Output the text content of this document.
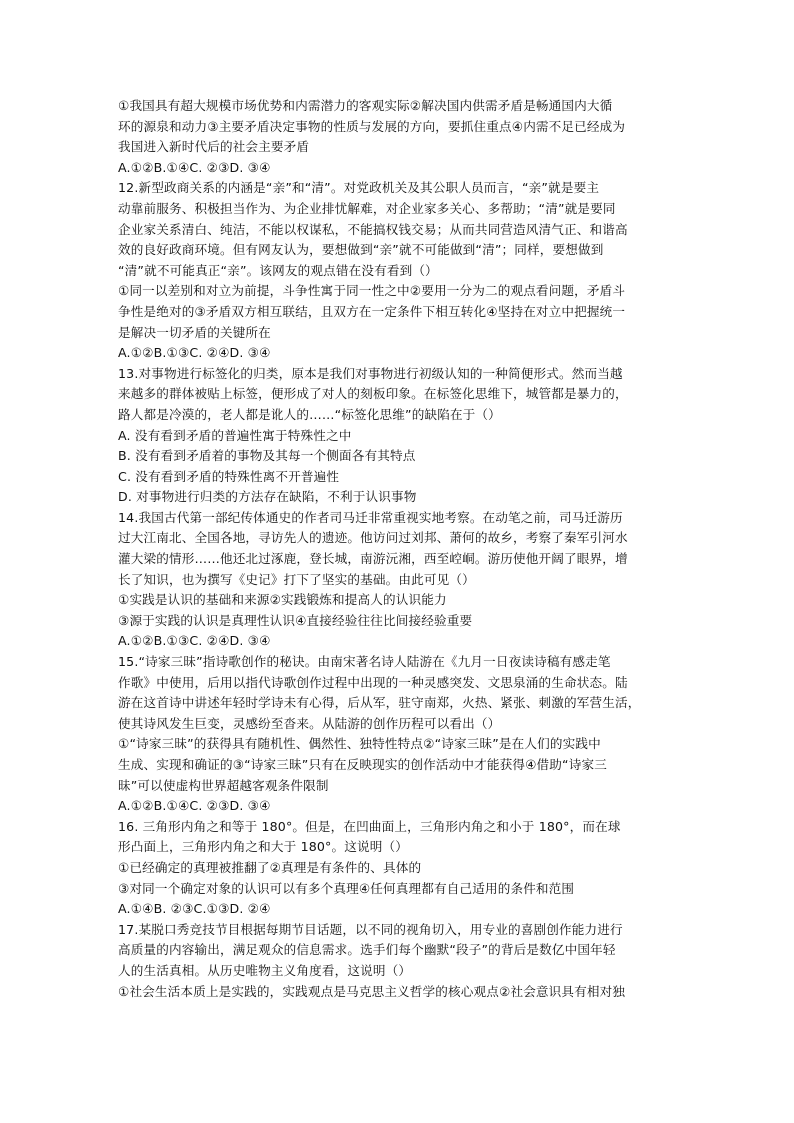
①我国具有超大规模市场优势和内需潜力的客观实际②解决国内供需矛盾是畅通国内大循
环的源泉和动力③主要矛盾决定事物的性质与发展的方向，要抓住重点④内需不足已经成为
我国进入新时代后的社会主要矛盾
A.①②B.①④C. ②③D. ③④
12.新型政商关系的内涵是“亲”和“清”。对党政机关及其公职人员而言，“亲”就是要主
动靠前服务、积极担当作为、为企业排忧解难，对企业家多关心、多帮助；“清”就是要同
企业家关系清白、纯洁，不能以权谋私，不能搞权钱交易；从而共同营造风清气正、和谐高
效的良好政商环境。但有网友认为，要想做到“亲”就不可能做到“清”；同样，要想做到
“清”就不可能真正“亲”。该网友的观点错在没有看到（）
①同一以差别和对立为前提，斗争性寓于同一性之中②要用一分为二的观点看问题，矛盾斗
争性是绝对的③矛盾双方相互联结，且双方在一定条件下相互转化④坚持在对立中把握统一
是解决一切矛盾的关键所在
A.①②B.①③C. ②④D. ③④
13.对事物进行标签化的归类，原本是我们对事物进行初级认知的一种简便形式。然而当越
来越多的群体被贴上标签，便形成了对人的刻板印象。在标签化思维下，城管都是暴力的，
路人都是冷漠的，老人都是讹人的……“标签化思维”的缺陷在于（）
A. 没有看到矛盾的普遍性寓于特殊性之中
B. 没有看到矛盾着的事物及其每一个侧面各有其特点
C. 没有看到矛盾的特殊性离不开普遍性
D. 对事物进行归类的方法存在缺陷，不利于认识事物
14.我国古代第一部纪传体通史的作者司马迁非常重视实地考察。在动笔之前，司马迁游历
过大江南北、全国各地，寻访先人的遗迹。他访问过刘邦、萧何的故乡，考察了秦军引河水
灌大梁的情形……他还北过涿鹿，登长城，南游沅湘，西至崆峒。游历使他开阔了眼界，增
长了知识，也为撰写《史记》打下了坚实的基础。由此可见（）
①实践是认识的基础和来源②实践锻炼和提高人的认识能力
③源于实践的认识是真理性认识④直接经验往往比间接经验重要
A.①②B.①③C. ②④D. ③④
15.“诗家三昧”指诗歌创作的秘诀。由南宋著名诗人陆游在《九月一日夜读诗稿有感走笔
作歌》中使用，后用以指代诗歌创作过程中出现的一种灵感突发、文思泉涌的生命状态。陆
游在这首诗中讲述年轻时学诗未有心得，后从军，驻守南郑，火热、紧张、刺激的军营生活，
使其诗风发生巨变，灵感纷至沓来。从陆游的创作历程可以看出（）
①“诗家三昧”的获得具有随机性、偶然性、独特性特点②“诗家三昧”是在人们的实践中
生成、实现和确证的③“诗家三昧”只有在反映现实的创作活动中才能获得④借助“诗家三
昧”可以使虚构世界超越客观条件限制
A.①②B.①④C. ②③D. ③④
16. 三角形内角之和等于 180°。但是，在凹曲面上，三角形内角之和小于 180°，而在球
形凸面上，三角形内角之和大于 180°。这说明（）
①已经确定的真理被推翻了②真理是有条件的、具体的
③对同一个确定对象的认识可以有多个真理④任何真理都有自己适用的条件和范围
A.①④B. ②③C.①③D. ②④
17.某脱口秀竞技节目根据每期节目话题，以不同的视角切入，用专业的喜剧创作能力进行
高质量的内容输出，满足观众的信息需求。选手们每个幽默“段子”的背后是数亿中国年轻
人的生活真相。从历史唯物主义角度看，这说明（）
①社会生活本质上是实践的，实践观点是马克思主义哲学的核心观点②社会意识具有相对独
